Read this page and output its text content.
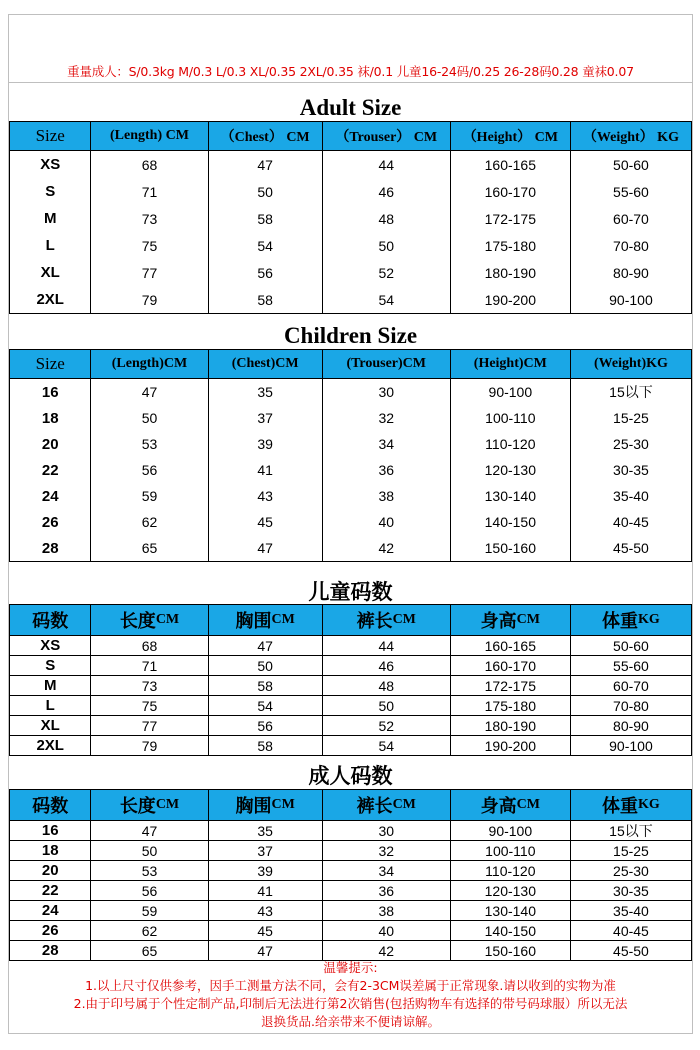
重量成人：S/0.3kg M/0.3 L/0.3 XL/0.35 2XL/0.35 袜/0.1 儿童16-24码/0.25 26-28码0.28 童袜0.07
Adult Size
Size	(Length) CM	（Chest） CM	（Trouser） CM	（Height） CM	（Weight） KG
XS	68	47	44	160-165	50-60
S	71	50	46	160-170	55-60
M	73	58	48	172-175	60-70
L	75	54	50	175-180	70-80
XL	77	56	52	180-190	80-90
2XL	79	58	54	190-200	90-100
Children Size
Size	(Length)CM	(Chest)CM	(Trouser)CM	(Height)CM	(Weight)KG
16	47	35	30	90-100	15以下
18	50	37	32	100-110	15-25
20	53	39	34	110-120	25-30
22	56	41	36	120-130	30-35
24	59	43	38	130-140	35-40
26	62	45	40	140-150	40-45
28	65	47	42	150-160	45-50
儿童码数
码数	长度 CM	胸围 CM	裤长 CM	身高 CM	体重 KG
XS	68	47	44	160-165	50-60
S	71	50	46	160-170	55-60
M	73	58	48	172-175	60-70
L	75	54	50	175-180	70-80
XL	77	56	52	180-190	80-90
2XL	79	58	54	190-200	90-100
成人码数
码数	长度 CM	胸围 CM	裤长 CM	身高 CM	体重 KG
16	47	35	30	90-100	15以下
18	50	37	32	100-110	15-25
20	53	39	34	110-120	25-30
22	56	41	36	120-130	30-35
24	59	43	38	130-140	35-40
26	62	45	40	140-150	40-45
28	65	47	42	150-160	45-50
温馨提示:
1.以上尺寸仅供参考，因手工测量方法不同，会有2-3CM误差属于正常现象.请以收到的实物为准
2.由于印号属于个性定制产品,印制后无法进行第2次销售(包括购物车有选择的带号码球服）所以无法
退换货品.给亲带来不便请谅解。
